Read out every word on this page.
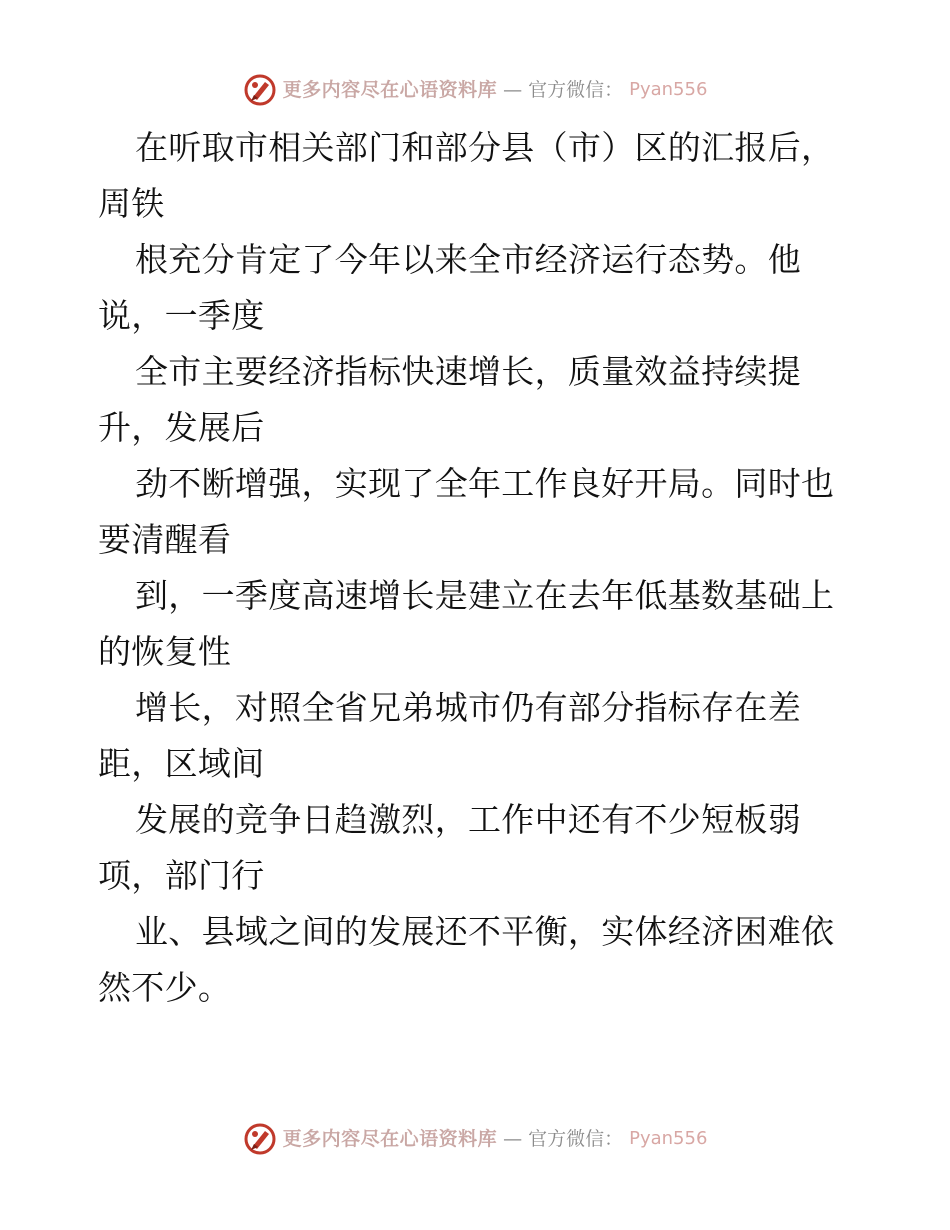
更多内容尽在心语资料库 — 官方微信： Pyan556
在听取市相关部门和部分县（市）区的汇报后，
周铁
根充分肯定了今年以来全市经济运行态势。他
说，一季度
全市主要经济指标快速增长，质量效益持续提
升，发展后
劲不断增强，实现了全年工作良好开局。同时也
要清醒看
到，一季度高速增长是建立在去年低基数基础上
的恢复性
增长，对照全省兄弟城市仍有部分指标存在差
距，区域间
发展的竞争日趋激烈，工作中还有不少短板弱
项，部门行
业、县域之间的发展还不平衡，实体经济困难依
然不少。
更多内容尽在心语资料库 — 官方微信： Pyan556
